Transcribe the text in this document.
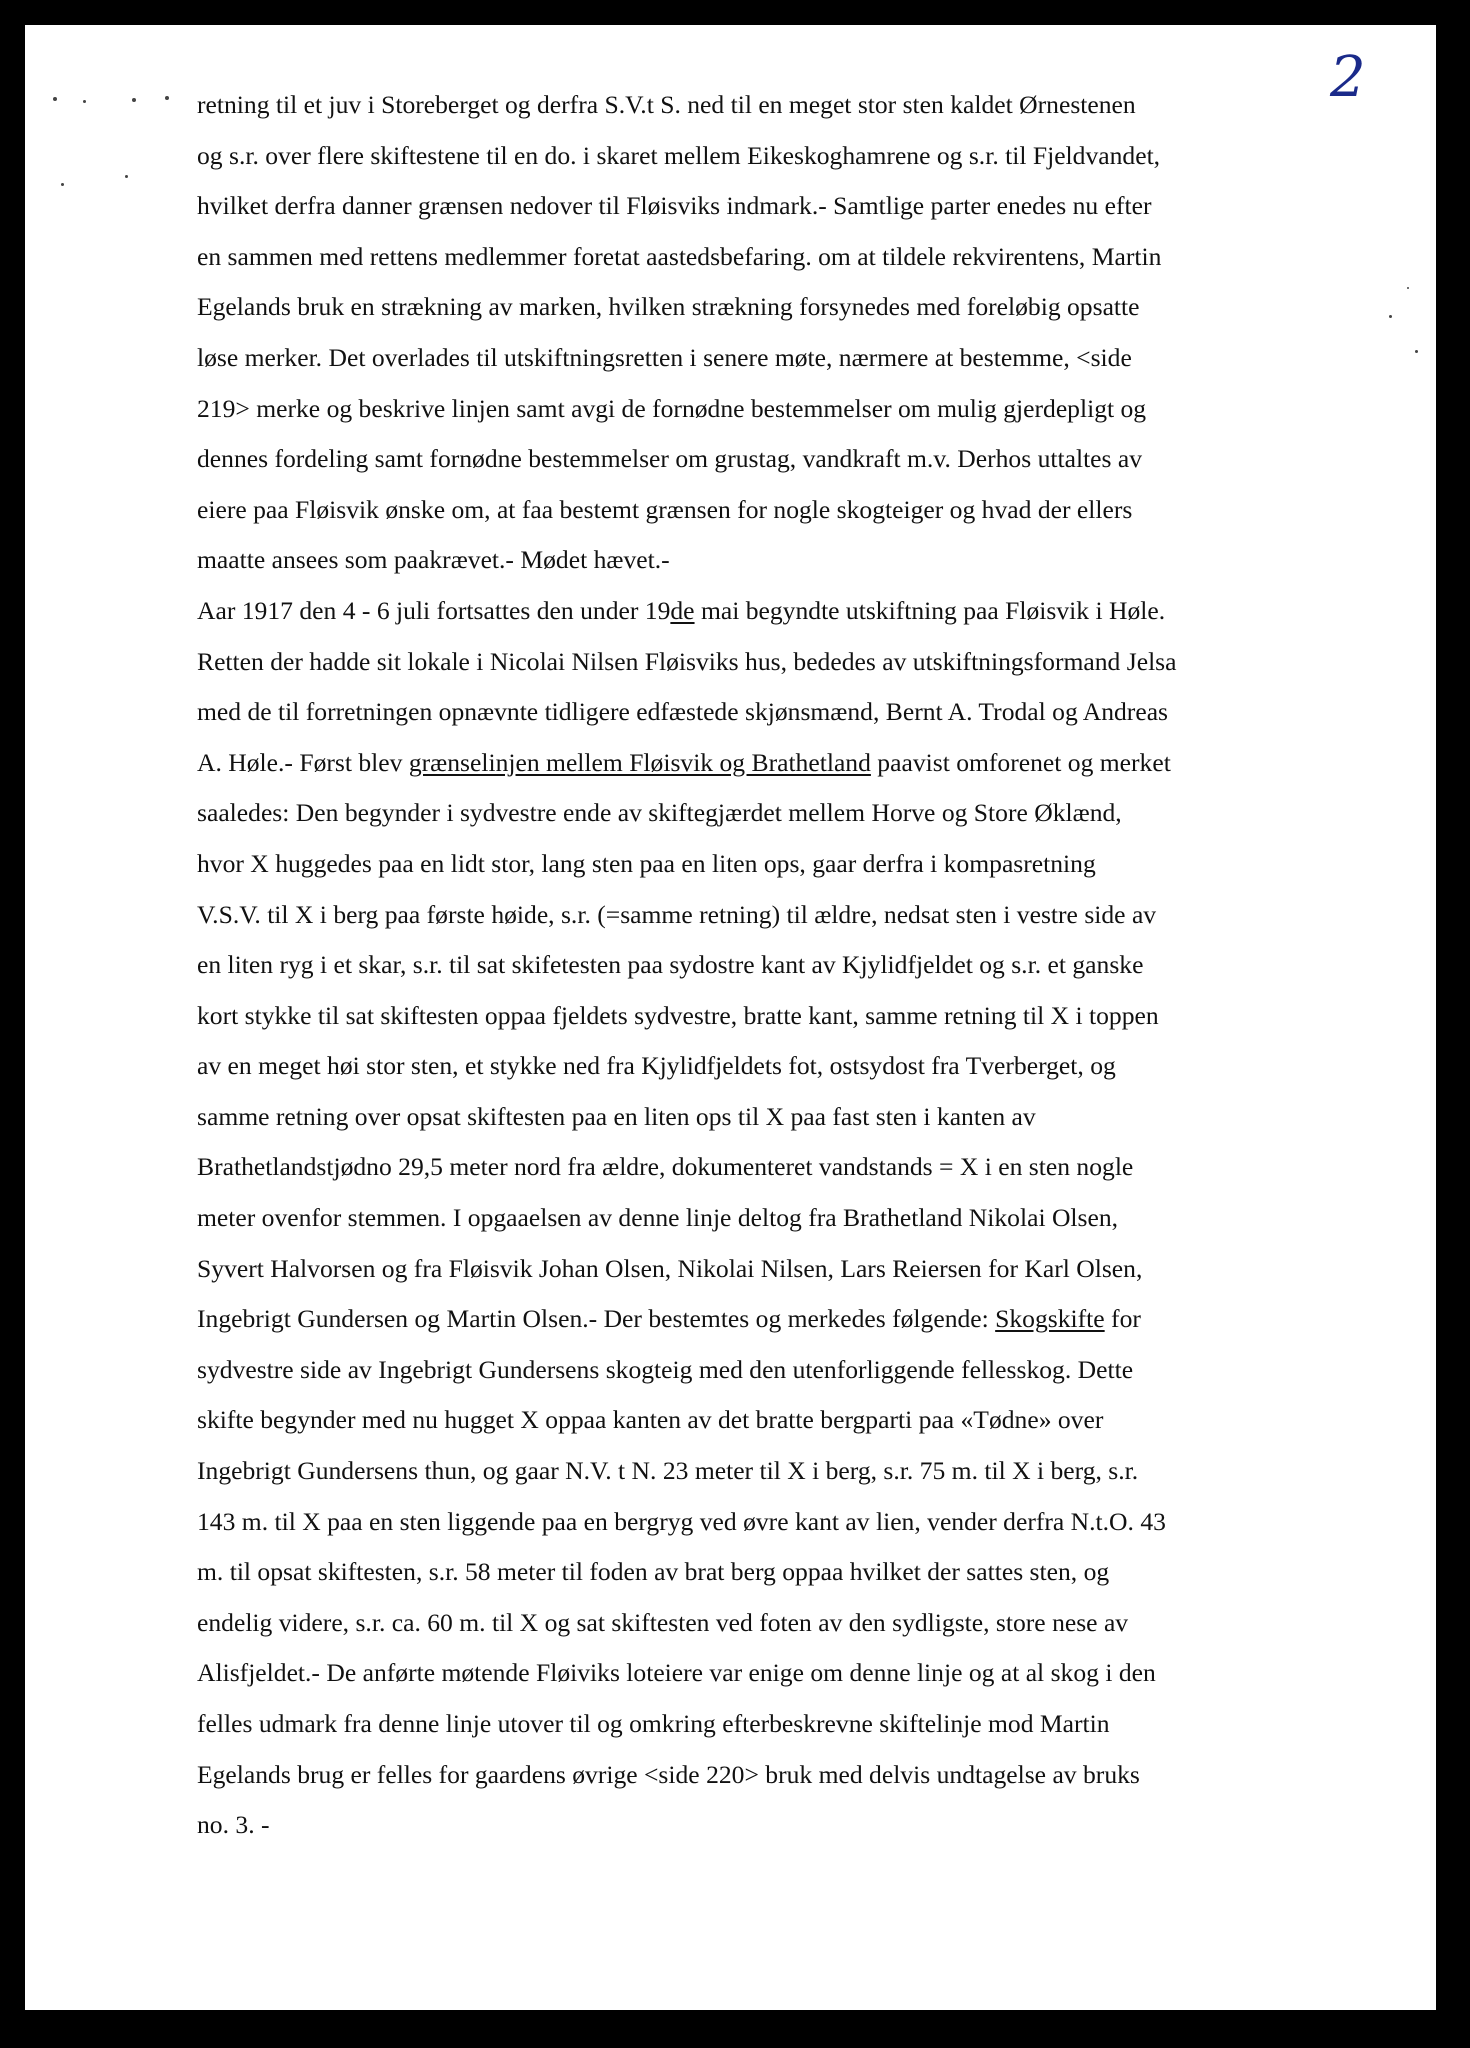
2
retning til et juv i Storeberget og derfra S.V.t S. ned til en meget stor sten kaldet Ørnestenen
og s.r. over flere skiftestene til en do. i skaret mellem Eikeskoghamrene og s.r. til Fjeldvandet,
hvilket derfra danner grænsen nedover til Fløisviks indmark.- Samtlige parter enedes nu efter
en sammen med rettens medlemmer foretat aastedsbefaring. om at tildele rekvirentens, Martin
Egelands bruk en strækning av marken, hvilken strækning forsynedes med foreløbig opsatte
løse merker. Det overlades til utskiftningsretten i senere møte, nærmere at bestemme, <side
219> merke og beskrive linjen samt avgi de fornødne bestemmelser om mulig gjerdepligt og
dennes fordeling samt fornødne bestemmelser om grustag, vandkraft m.v. Derhos uttaltes av
eiere paa Fløisvik ønske om, at faa bestemt grænsen for nogle skogteiger og hvad der ellers
maatte ansees som paakrævet.- Mødet hævet.-
Aar 1917 den 4 - 6 juli fortsattes den under 19de mai begyndte utskiftning paa Fløisvik i Høle.
Retten der hadde sit lokale i Nicolai Nilsen Fløisviks hus, bededes av utskiftningsformand Jelsa
med de til forretningen opnævnte tidligere edfæstede skjønsmænd, Bernt A. Trodal og Andreas
A. Høle.- Først blev grænselinjen mellem Fløisvik og Brathetland paavist omforenet og merket
saaledes: Den begynder i sydvestre ende av skiftegjærdet mellem Horve og Store Øklænd,
hvor X huggedes paa en lidt stor, lang sten paa en liten ops, gaar derfra i kompasretning
V.S.V. til X i berg paa første høide, s.r. (=samme retning) til ældre, nedsat sten i vestre side av
en liten ryg i et skar, s.r. til sat skifetesten paa sydostre kant av Kjylidfjeldet og s.r. et ganske
kort stykke til sat skiftesten oppaa fjeldets sydvestre, bratte kant, samme retning til X i toppen
av en meget høi stor sten, et stykke ned fra Kjylidfjeldets fot, ostsydost fra Tverberget, og
samme retning over opsat skiftesten paa en liten ops til X paa fast sten i kanten av
Brathetlandstjødno 29,5 meter nord fra ældre, dokumenteret vandstands = X i en sten nogle
meter ovenfor stemmen. I opgaaelsen av denne linje deltog fra Brathetland Nikolai Olsen,
Syvert Halvorsen og fra Fløisvik Johan Olsen, Nikolai Nilsen, Lars Reiersen for Karl Olsen,
Ingebrigt Gundersen og Martin Olsen.- Der bestemtes og merkedes følgende: Skogskifte for
sydvestre side av Ingebrigt Gundersens skogteig med den utenforliggende fellesskog. Dette
skifte begynder med nu hugget X oppaa kanten av det bratte bergparti paa «Tødne» over
Ingebrigt Gundersens thun, og gaar N.V. t N. 23 meter til X i berg, s.r. 75 m. til X i berg, s.r.
143 m. til X paa en sten liggende paa en bergryg ved øvre kant av lien, vender derfra N.t.O. 43
m. til opsat skiftesten, s.r. 58 meter til foden av brat berg oppaa hvilket der sattes sten, og
endelig videre, s.r. ca. 60 m. til X og sat skiftesten ved foten av den sydligste, store nese av
Alisfjeldet.- De anførte møtende Fløiviks loteiere var enige om denne linje og at al skog i den
felles udmark fra denne linje utover til og omkring efterbeskrevne skiftelinje mod Martin
Egelands brug er felles for gaardens øvrige <side 220> bruk med delvis undtagelse av bruks
no. 3. -
